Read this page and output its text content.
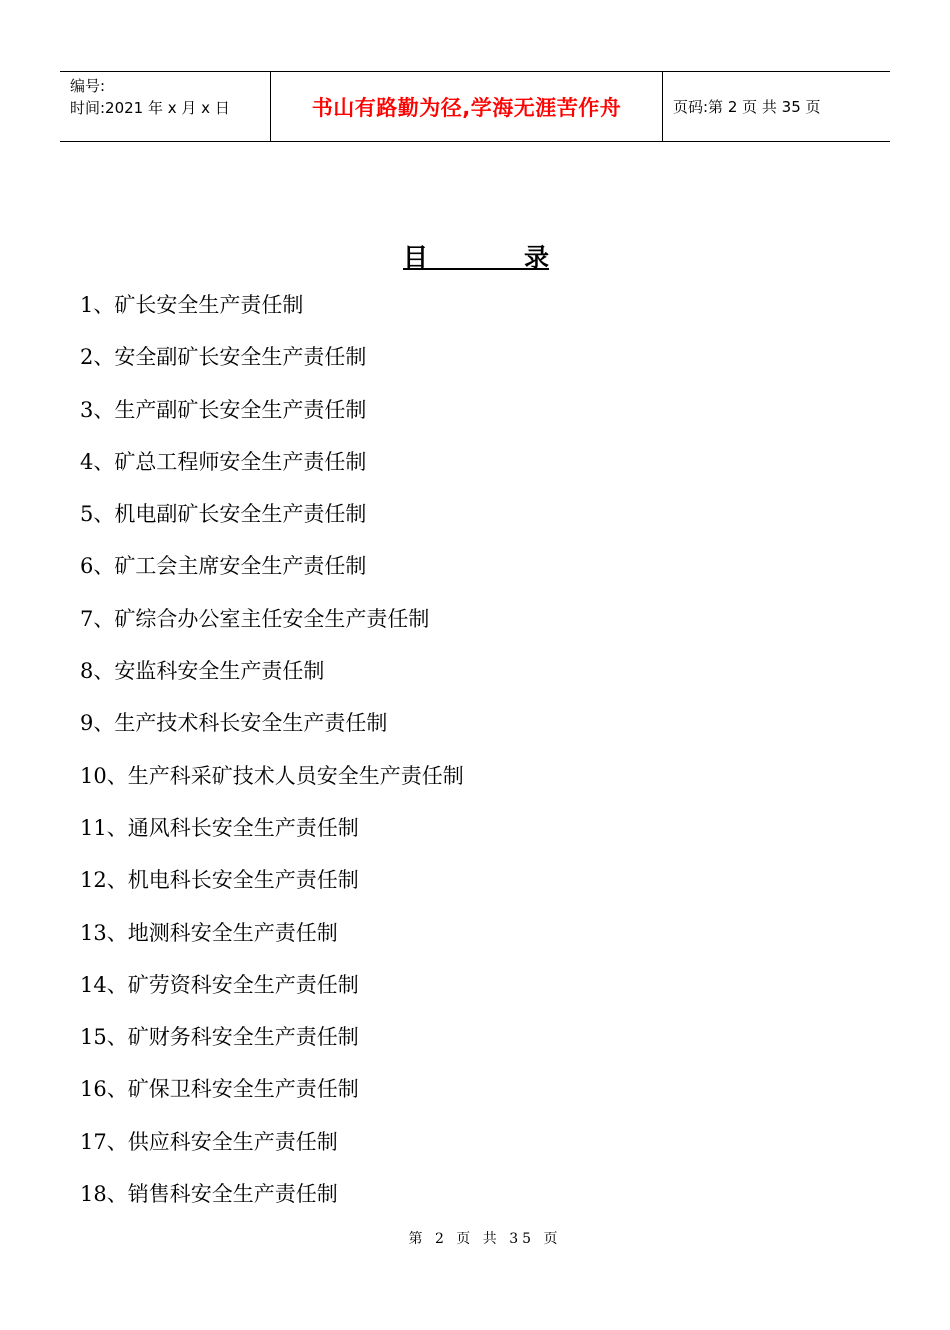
编号:
时间:2021 年 x 月 x 日	书山有路勤为径,学海无涯苦作舟	页码:第 2 页 共 35 页
目	录
1、矿长安全生产责任制
2、安全副矿长安全生产责任制
3、生产副矿长安全生产责任制
4、矿总工程师安全生产责任制
5、机电副矿长安全生产责任制
6、矿工会主席安全生产责任制
7、矿综合办公室主任安全生产责任制
8、安监科安全生产责任制
9、生产技术科长安全生产责任制
10、生产科采矿技术人员安全生产责任制
11、通风科长安全生产责任制
12、机电科长安全生产责任制
13、地测科安全生产责任制
14、矿劳资科安全生产责任制
15、矿财务科安全生产责任制
16、矿保卫科安全生产责任制
17、供应科安全生产责任制
18、销售科安全生产责任制
第 2 页 共 35 页
